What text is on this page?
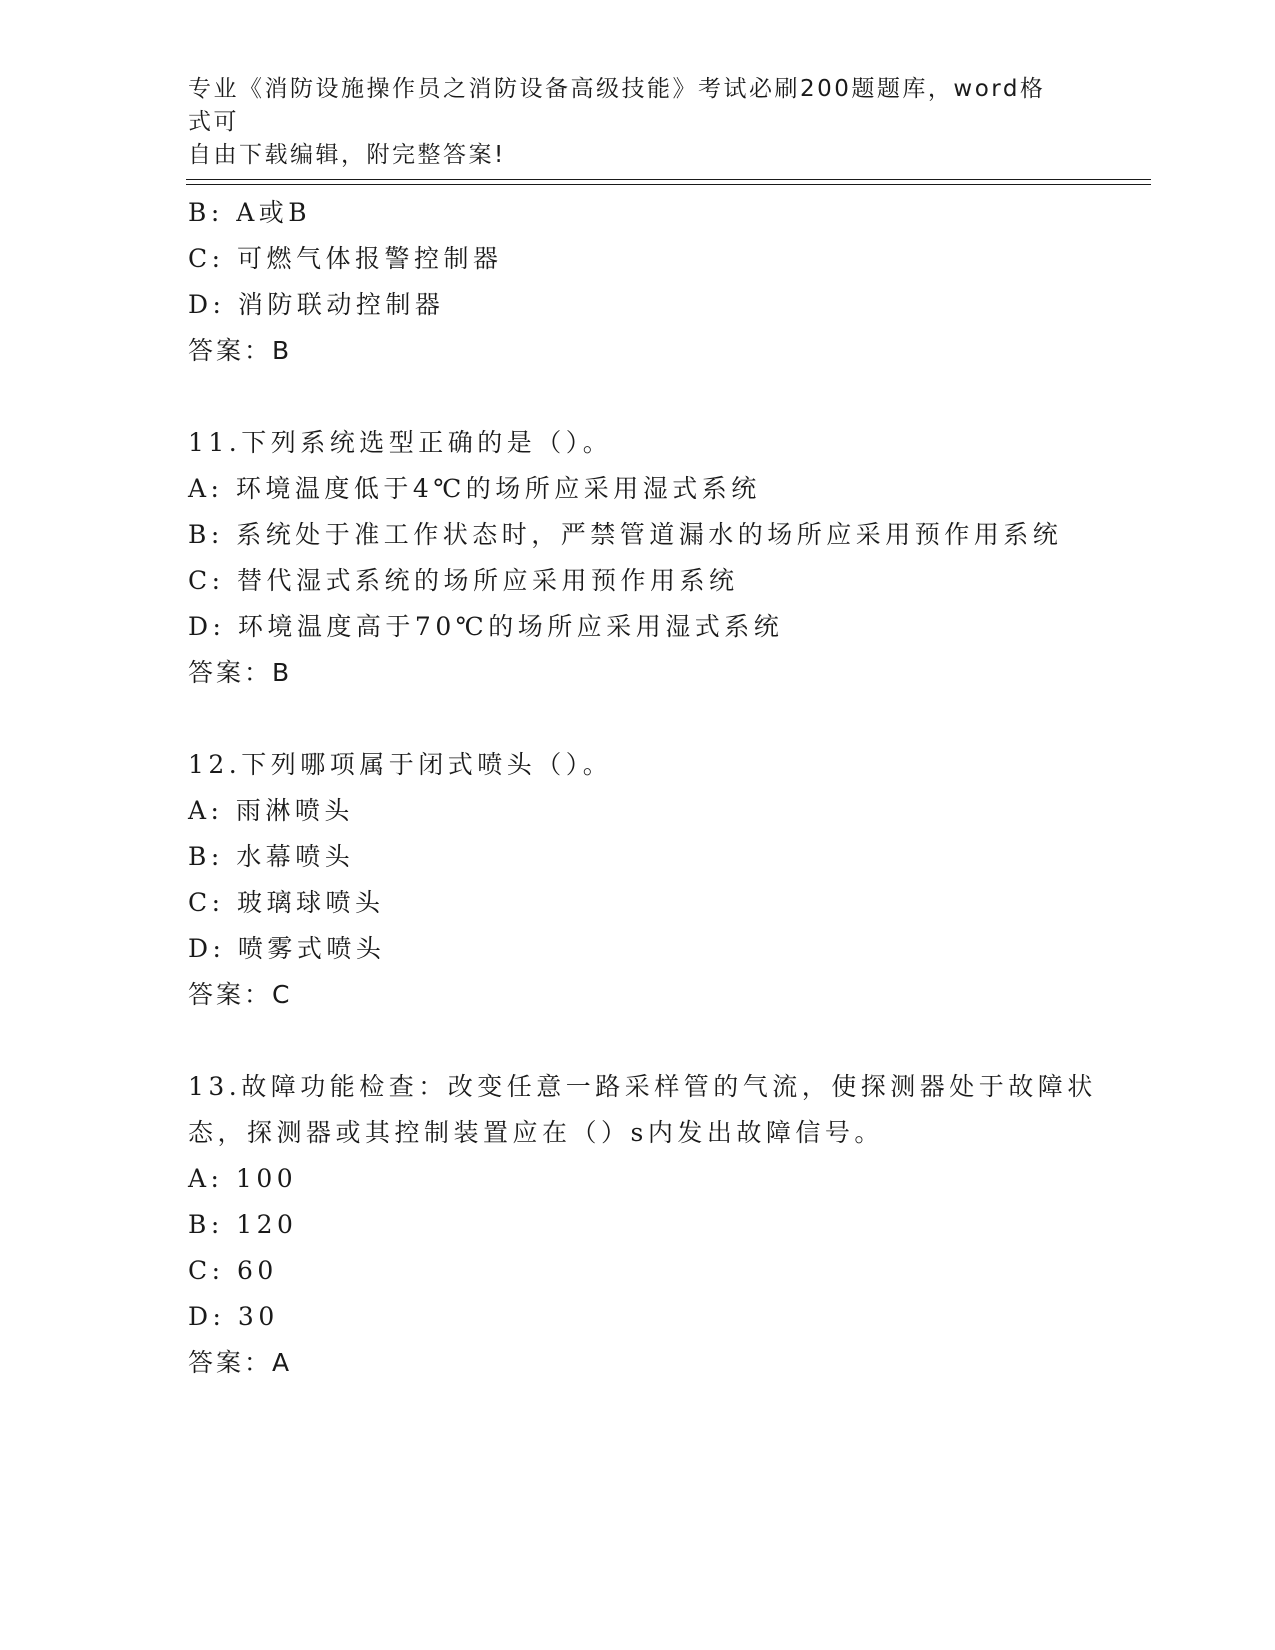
专业《消防设施操作员之消防设备高级技能》考试必刷200题题库，word格式可
自由下载编辑，附完整答案!
B: A或B
C: 可燃气体报警控制器
D: 消防联动控制器
答案：B
11.下列系统选型正确的是（）。
A: 环境温度低于4℃的场所应采用湿式系统
B: 系统处于准工作状态时，严禁管道漏水的场所应采用预作用系统
C: 替代湿式系统的场所应采用预作用系统
D: 环境温度高于70℃的场所应采用湿式系统
答案：B
12.下列哪项属于闭式喷头（）。
A: 雨淋喷头
B: 水幕喷头
C: 玻璃球喷头
D: 喷雾式喷头
答案：C
13.故障功能检查：改变任意一路采样管的气流，使探测器处于故障状
态，探测器或其控制装置应在（）s内发出故障信号。
A: 100
B: 120
C: 60
D: 30
答案：A
